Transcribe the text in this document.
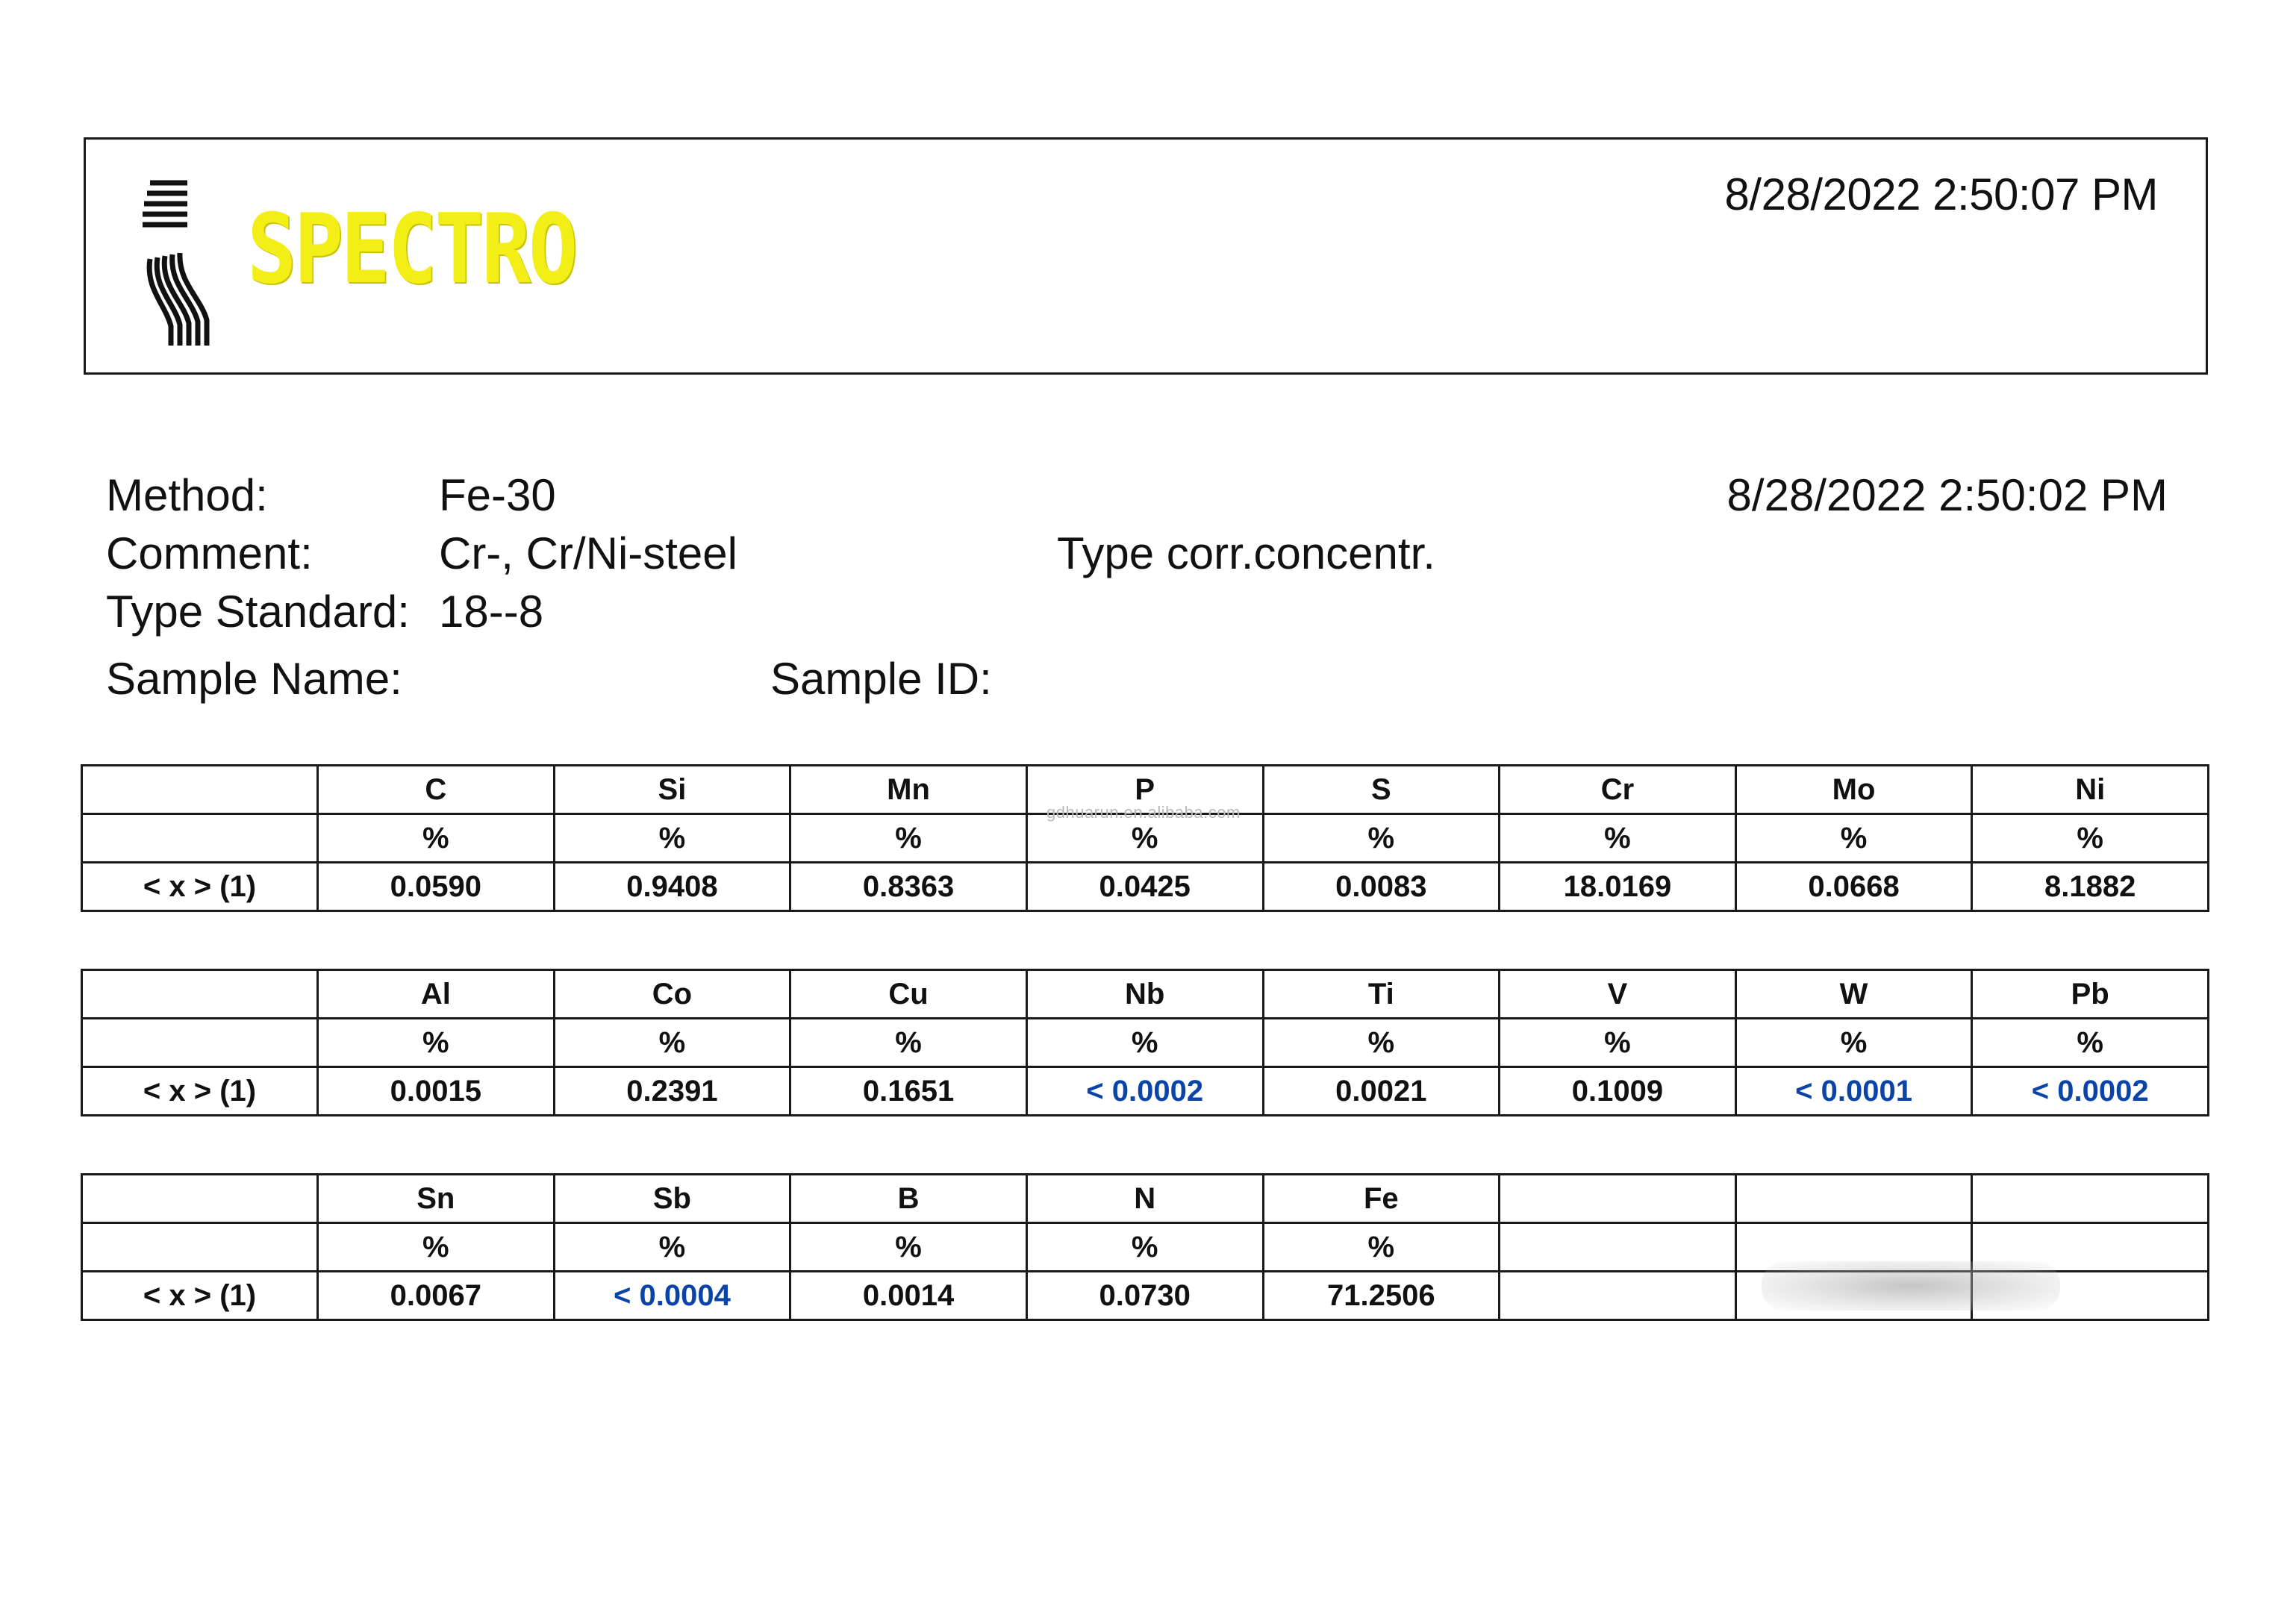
SPECTRO	8/28/2022 2:50:07 PM
Method:	Fe-30	8/28/2022 2:50:02 PM
Comment:	Cr-, Cr/Ni-steel	Type corr.concentr.
Type Standard: 18--8
Sample Name:	Sample ID:
	C	Si	Mn	P	S	Cr	Mo	Ni
	%	%	%	%	%	%	%	%
< x > (1)	0.0590	0.9408	0.8363	0.0425	0.0083	18.0169	0.0668	8.1882
	Al	Co	Cu	Nb	Ti	V	W	Pb
	%	%	%	%	%	%	%	%
< x > (1)	0.0015	0.2391	0.1651	< 0.0002	0.0021	0.1009	< 0.0001	< 0.0002
	Sn	Sb	B	N	Fe			
	%	%	%	%	%			
< x > (1)	0.0067	< 0.0004	0.0014	0.0730	71.2506			
gdhuarun.en.alibaba.com
